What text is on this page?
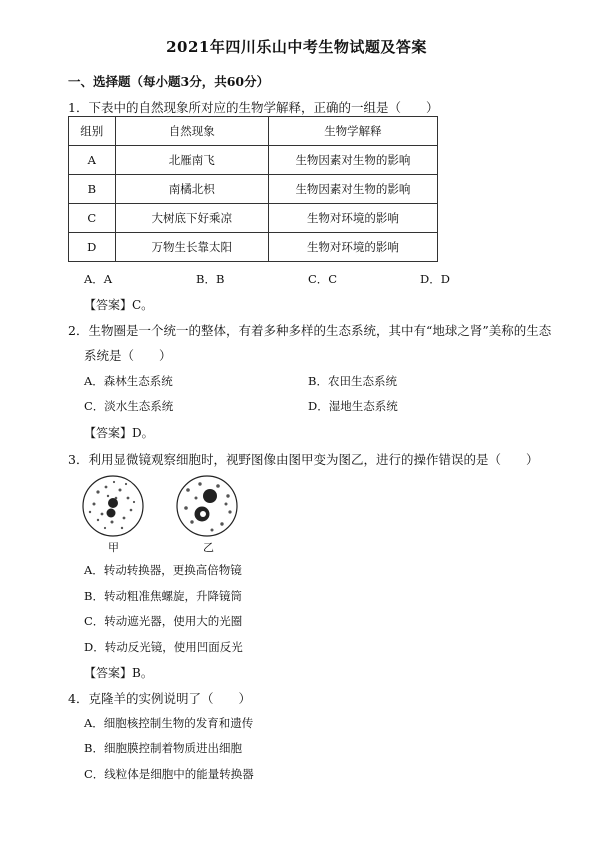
2021年四川乐山中考生物试题及答案
一、选择题（每小题3分，共60分）
1．下表中的自然现象所对应的生物学解释，正确的一组是（　　）
组别	自然现象	生物学解释
A	北雁南飞	生物因素对生物的影响
B	南橘北枳	生物因素对生物的影响
C	大树底下好乘凉	生物对环境的影响
D	万物生长靠太阳	生物对环境的影响
A．A	B．B	C．C	D．D
【答案】C。
2．生物圈是一个统一的整体，有着多种多样的生态系统，其中有“地球之肾”美称的生态
系统是（　　）
A．森林生态系统	B．农田生态系统
C．淡水生态系统	D．湿地生态系统
【答案】D。
3．利用显微镜观察细胞时，视野图像由图甲变为图乙，进行的操作错误的是（　　）
甲	乙
A．转动转换器，更换高倍物镜
B．转动粗准焦螺旋，升降镜筒
C．转动遮光器，使用大的光圈
D．转动反光镜，使用凹面反光
【答案】B。
4．克隆羊的实例说明了（　　）
A．细胞核控制生物的发育和遗传
B．细胞膜控制着物质进出细胞
C．线粒体是细胞中的能量转换器
